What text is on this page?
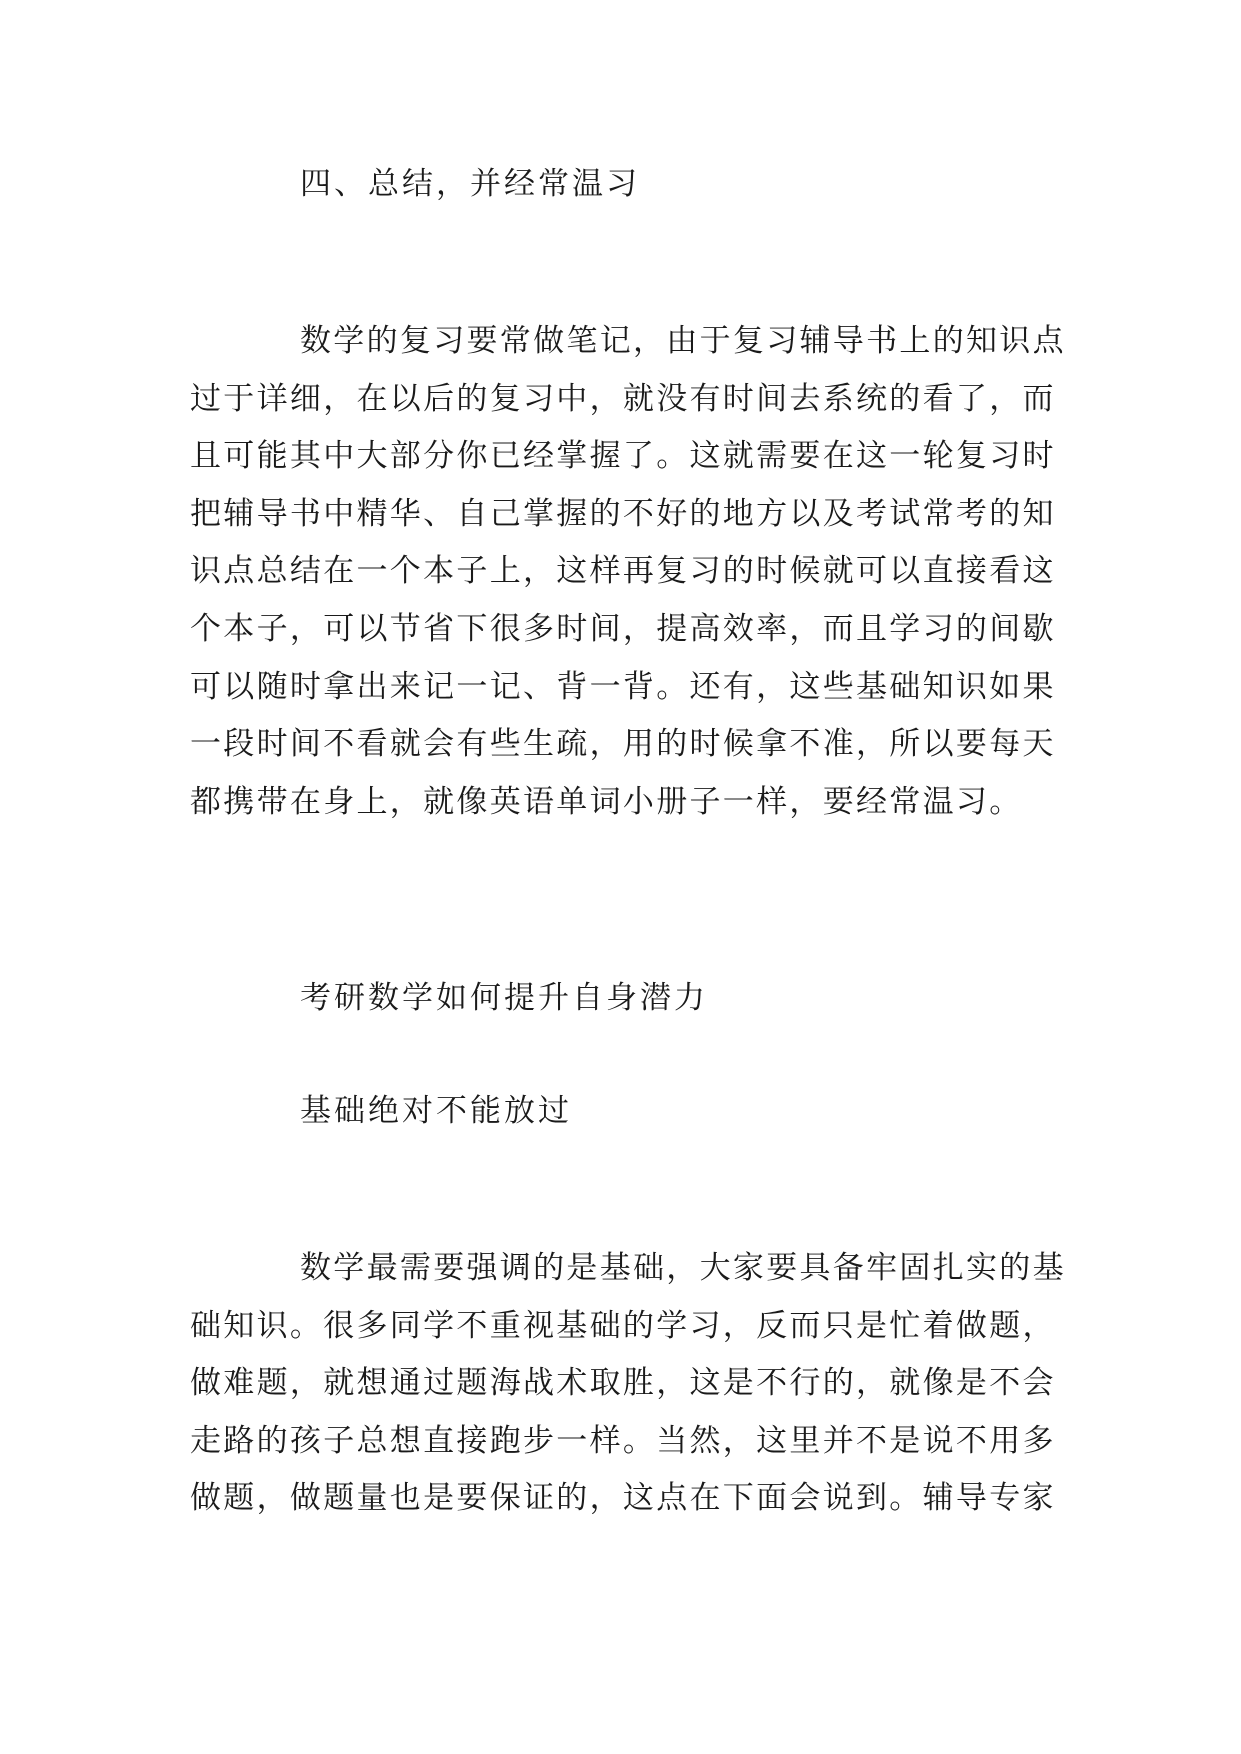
四、总结，并经常温习
数学的复习要常做笔记，由于复习辅导书上的知识点
过于详细，在以后的复习中，就没有时间去系统的看了，而
且可能其中大部分你已经掌握了。这就需要在这一轮复习时
把辅导书中精华、自己掌握的不好的地方以及考试常考的知
识点总结在一个本子上，这样再复习的时候就可以直接看这
个本子，可以节省下很多时间，提高效率，而且学习的间歇
可以随时拿出来记一记、背一背。还有，这些基础知识如果
一段时间不看就会有些生疏，用的时候拿不准，所以要每天
都携带在身上，就像英语单词小册子一样，要经常温习。
考研数学如何提升自身潜力
基础绝对不能放过
数学最需要强调的是基础，大家要具备牢固扎实的基
础知识。很多同学不重视基础的学习，反而只是忙着做题，
做难题，就想通过题海战术取胜，这是不行的，就像是不会
走路的孩子总想直接跑步一样。当然，这里并不是说不用多
做题，做题量也是要保证的，这点在下面会说到。辅导专家
